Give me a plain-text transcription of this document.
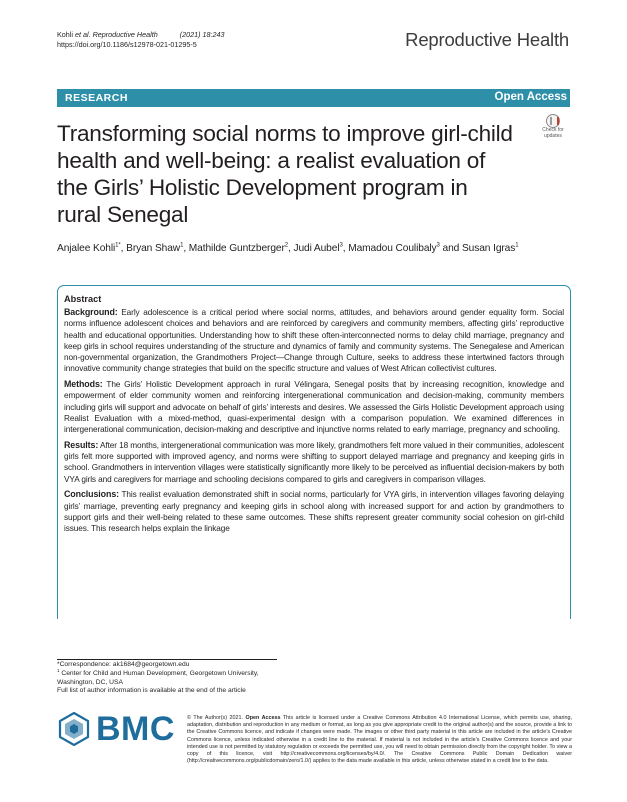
Kohli et al. Reproductive Health	(2021) 18:243
https://doi.org/10.1186/s12978-021-01295-5	Reproductive Health
RESEARCH	Open Access
Transforming social norms to improve girl-child health and well-being: a realist evaluation of the Girls’ Holistic Development program in rural Senegal
Check for
updates
Anjalee Kohli$^{1*}$, Bryan Shaw$^1$, Mathilde Guntzberger$^2$, Judi Aubel$^3$, Mamadou Coulibaly$^3$ and Susan Igras$^1$
Abstract

Background: Early adolescence is a critical period where social norms, attitudes, and behaviors around gender equality form. Social norms influence adolescent choices and behaviors and are reinforced by caregivers and community members, affecting girls’ reproductive health and educational opportunities. Understanding how to shift these often-interconnected norms to delay child marriage, pregnancy and keep girls in school requires understanding of the structure and dynamics of family and community systems. The Senegalese and American non-governmental organization, the Grandmothers Project—Change through Culture, seeks to address these intertwined factors through innovative community change strategies that build on the specific structure and values of West African collectivist cultures.

Methods: The Girls’ Holistic Development approach in rural Vélingara, Senegal posits that by increasing recognition, knowledge and empowerment of elder community women and reinforcing intergenerational communication and decision-making, community members including girls will support and advocate on behalf of girls’ interests and desires. We assessed the Girls Holistic Development approach using Realist Evaluation with a mixed-method, quasi-experimental design with a comparison population. We examined differences in intergenerational communication, decision-making and descriptive and injunctive norms related to early marriage, pregnancy and schooling.

Results: After 18 months, intergenerational communication was more likely, grandmothers felt more valued in their communities, adolescent girls felt more supported with improved agency, and norms were shifting to support delayed marriage and pregnancy and keeping girls in school. Grandmothers in intervention villages were statistically significantly more likely to be perceived as influential decision-makers by both VYA girls and caregivers for marriage and schooling decisions compared to girls and caregivers in comparison villages.

Conclusions: This realist evaluation demonstrated shift in social norms, particularly for VYA girls, in intervention villages favoring delaying girls’ marriage, preventing early pregnancy and keeping girls in school along with increased support for and action by grandmothers to support girls and their well-being related to these same outcomes. These shifts represent greater community social cohesion on girl-child issues. This research helps explain the linkage

*Correspondence: ak1684@georgetown.edu
$^1$ Center for Child and Human Development, Georgetown University,
Washington, DC, USA
Full list of author information is available at the end of the article
BMC © The Author(s) 2021. Open Access This article is licensed under a Creative Commons Attribution 4.0 International License, which permits use, sharing, adaptation, distribution and reproduction in any medium or format, as long as you give appropriate credit to the original author(s) and the source, provide a link to the Creative Commons licence, and indicate if changes were made. The images or other third party material in this article are included in the article’s Creative Commons licence, unless indicated otherwise in a credit line to the material. If material is not included in the article’s Creative Commons licence and your intended use is not permitted by statutory regulation or exceeds the permitted use, you will need to obtain permission directly from the copyright holder. To view a copy of this licence, visit http://creativecommons.org/licenses/by/4.0/. The Creative Commons Public Domain Dedication waiver (http://creativecommons.org/publicdomain/zero/1.0/) applies to the data made available in this article, unless otherwise stated in a credit line to the data.
